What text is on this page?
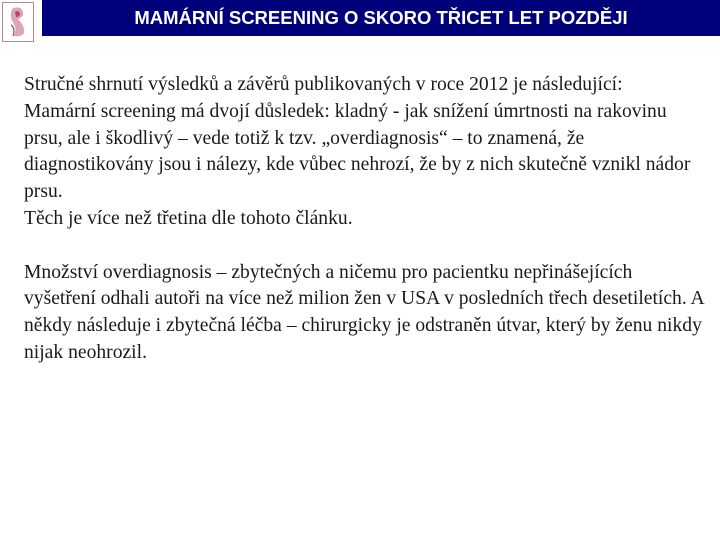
MAMÁRNÍ SCREENING O SKORO TŘICET LET POZDĚJI

Stručné shrnutí výsledků a závěrů publikovaných v roce 2012 je následující:

Mamární screening má dvojí důsledek: kladný - jak snížení úmrtnosti na rakovinu prsu, ale i škodlivý – vede totiž k tzv. „overdiagnosis“ – to znamená, že diagnostikovány jsou i nálezy, kde vůbec nehrozí, že by z nich skutečně vznikl nádor prsu.

Těch je více než třetina dle tohoto článku.

Množství overdiagnosis – zbytečných a ničemu pro pacientku nepřinášejících vyšetření odhali autoři na více než milion žen v USA v posledních třech desetiletích. A někdy následuje i zbytečná léčba – chirurgicky je odstraněn útvar, který by ženu nikdy nijak neohrozil.
